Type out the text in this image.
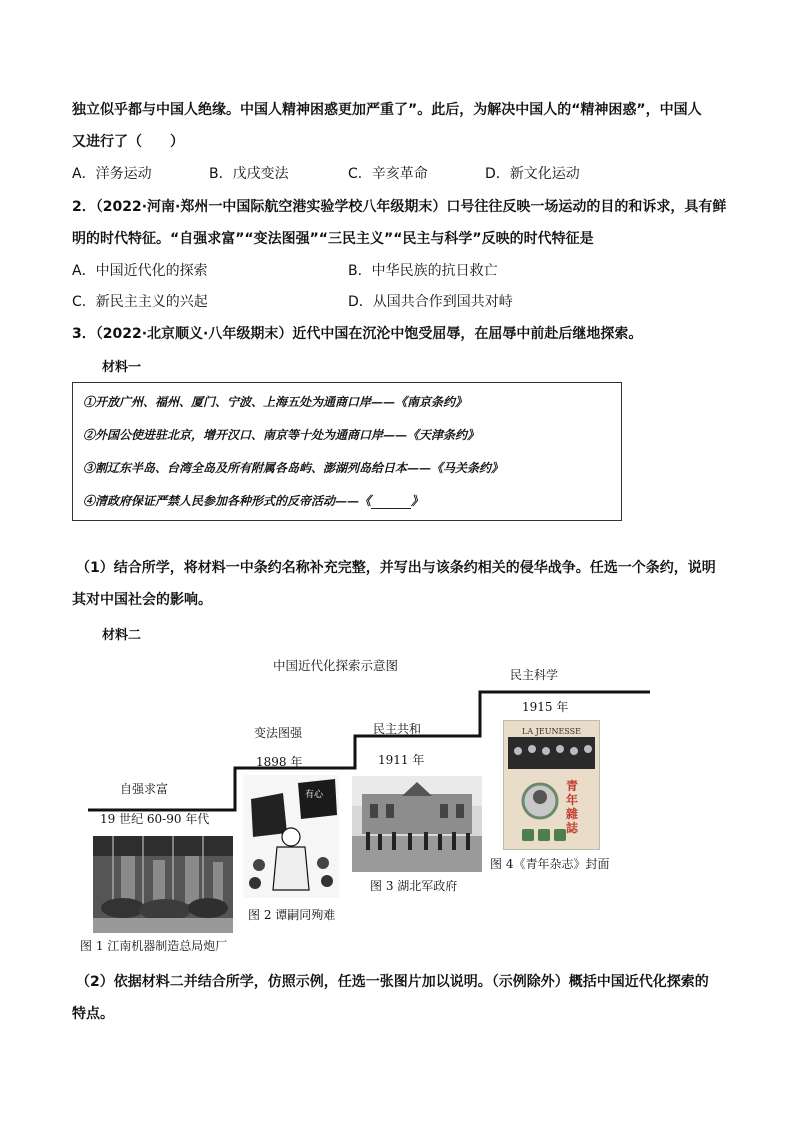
独立似乎都与中国人绝缘。中国人精神困惑更加严重了”。此后，为解决中国人的“精神困惑”，中国人
又进行了（　　）
A．洋务运动	B．戊戌变法	C．辛亥革命	D．新文化运动
2．（2022·河南·郑州一中国际航空港实验学校八年级期末）口号往往反映一场运动的目的和诉求，具有鲜
明的时代特征。“自强求富”“变法图强”“三民主义”“民主与科学”反映的时代特征是
A．中国近代化的探索	B．中华民族的抗日救亡
C．新民主主义的兴起	D．从国共合作到国共对峙
3．（2022·北京顺义·八年级期末）近代中国在沉沦中饱受屈辱，在屈辱中前赴后继地探索。
材料一
①开放广州、福州、厦门、宁波、上海五处为通商口岸——《南京条约》
②外国公使进驻北京，增开汉口、南京等十处为通商口岸——《天津条约》
③割辽东半岛、台湾全岛及所有附属各岛屿、澎湖列岛给日本——《马关条约》
④清政府保证严禁人民参加各种形式的反帝活动——《	》
（1）结合所学，将材料一中条约名称补充完整，并写出与该条约相关的侵华战争。任选一个条约，说明
其对中国社会的影响。
材料二
中国近代化探索示意图
自强求富
19 世纪 60-90 年代
变法图强
1898 年
民主共和
1911 年
民主科学
1915 年
图 1 江南机器制造总局炮厂
有心
图 2 谭嗣同殉难
图 3 湖北军政府
LA JEUNESSE
青年雜誌
图 4《青年杂志》封面
（2）依据材料二并结合所学，仿照示例，任选一张图片加以说明。（示例除外）概括中国近代化探索的
特点。
